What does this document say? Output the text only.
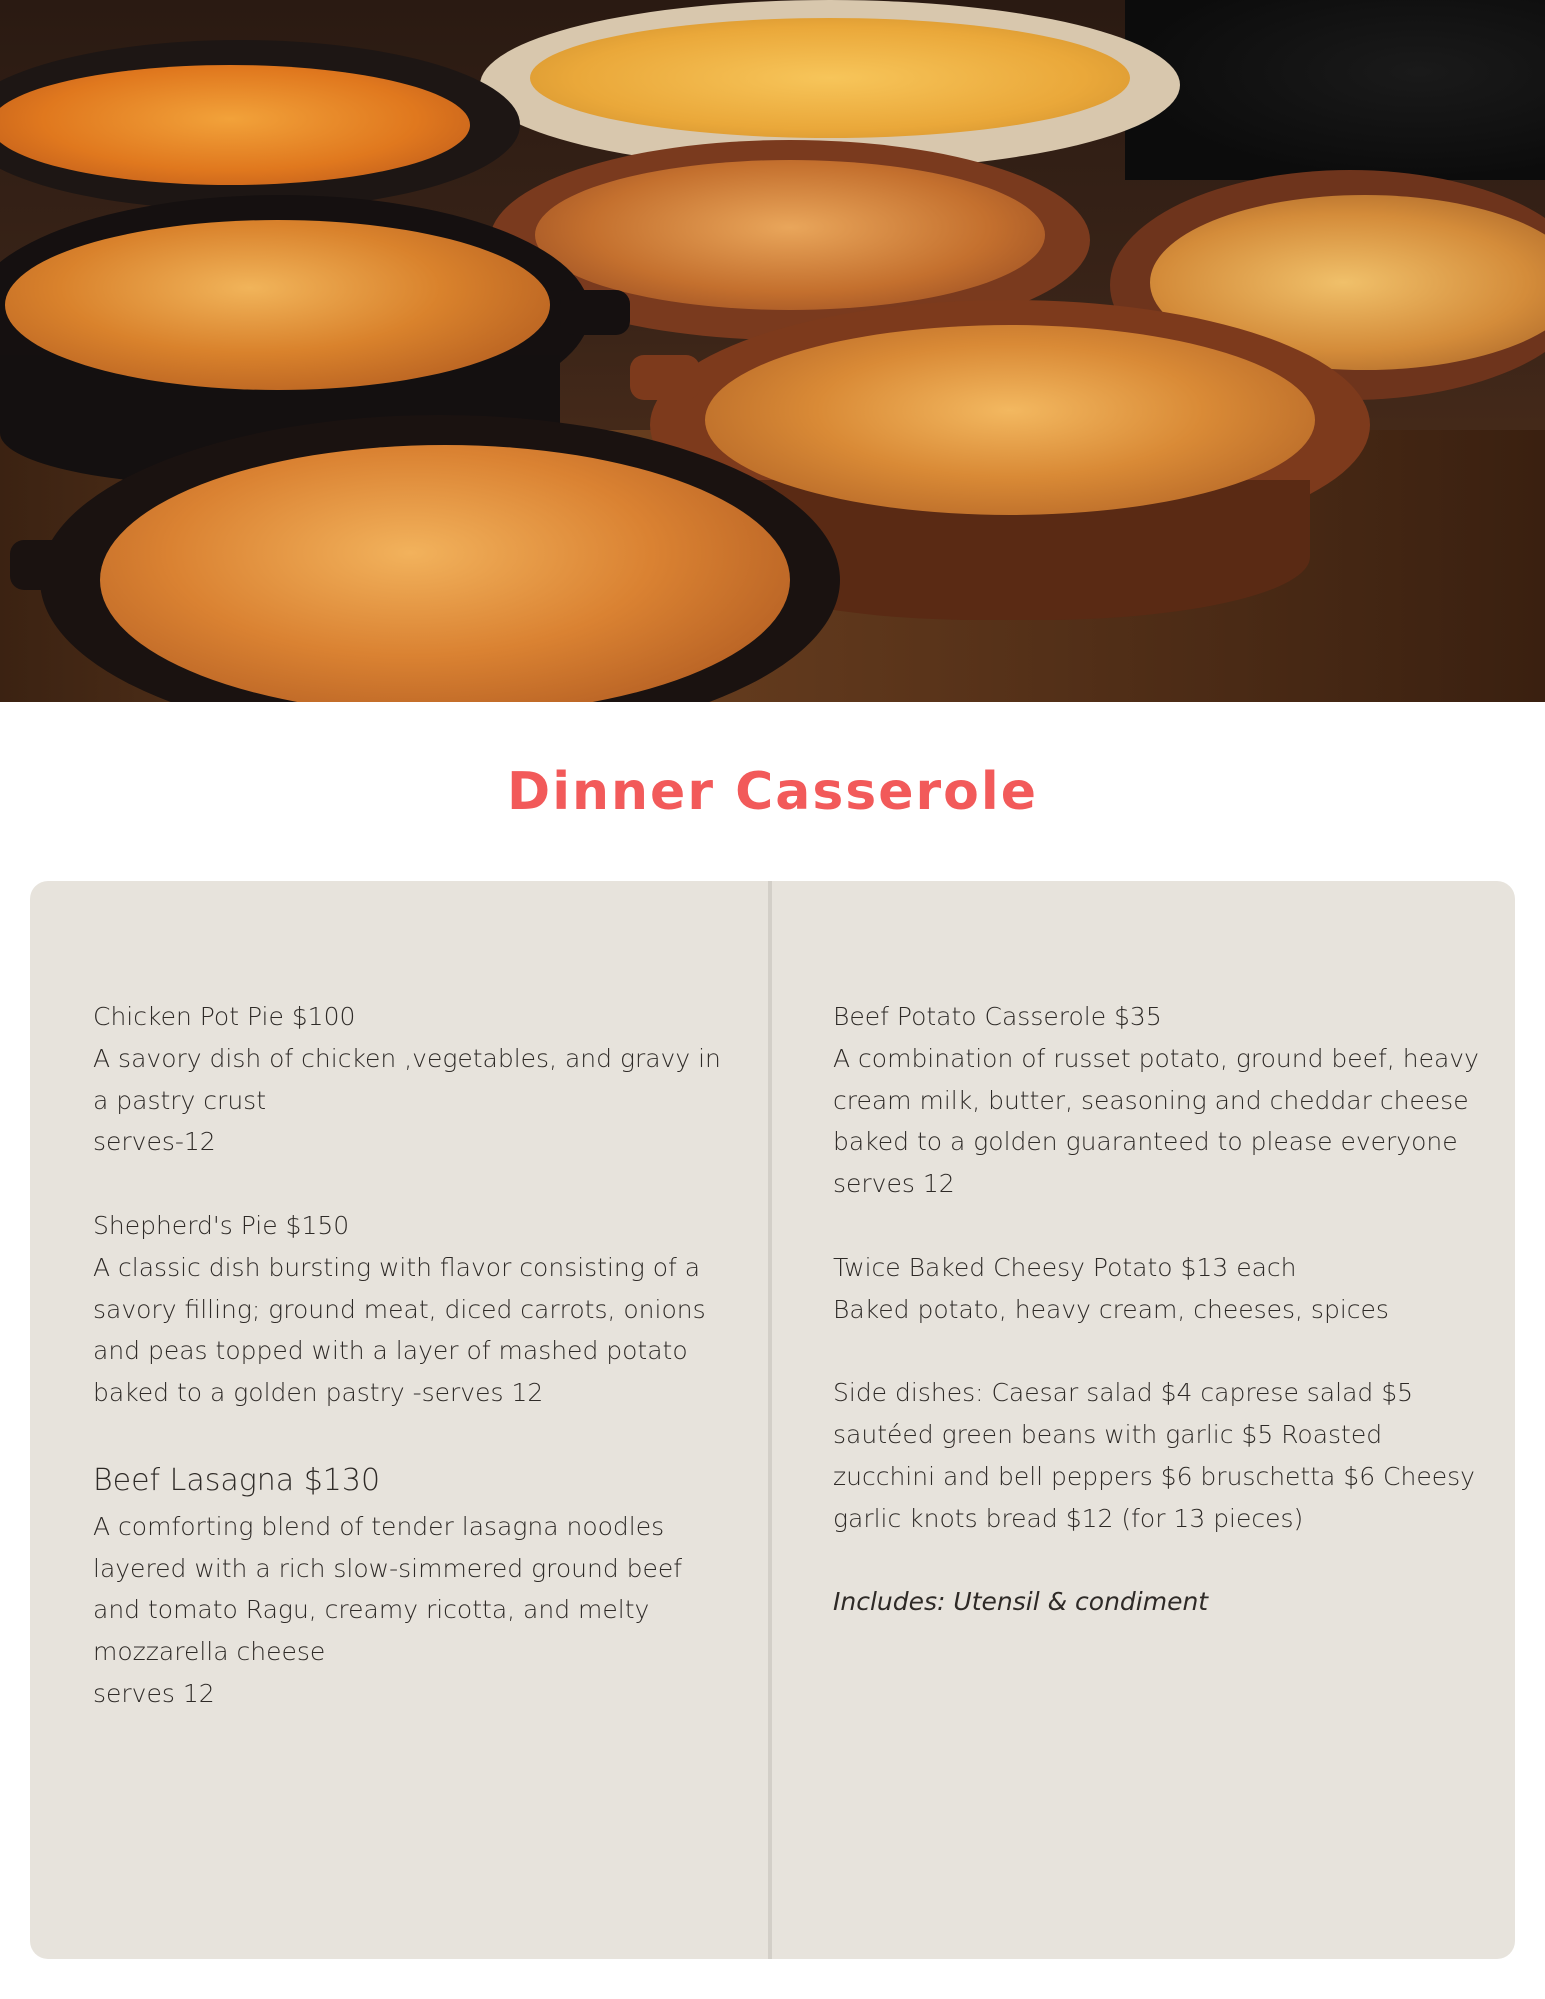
Dinner Casserole

Chicken Pot Pie $100

A savory dish of chicken ,vegetables, and gravy in a pastry crust

serves-12

Shepherd's Pie $150

A classic dish bursting with flavor consisting of a savory filling; ground meat, diced carrots, onions and peas topped with a layer of mashed potato baked to a golden pastry -serves 12

Beef Lasagna $130

A comforting blend of tender lasagna noodles layered with a rich slow-simmered ground beef and tomato Ragu, creamy ricotta, and melty mozzarella cheese

serves 12

Beef Potato Casserole $35

A combination of russet potato, ground beef, heavy cream milk, butter, seasoning and cheddar cheese baked to a golden guaranteed to please everyone

serves 12

Twice Baked Cheesy Potato $13 each

Baked potato, heavy cream, cheeses, spices

Side dishes: Caesar salad $4 caprese salad $5 sautéed green beans with garlic $5 Roasted zucchini and bell peppers $6 bruschetta $6 Cheesy garlic knots bread $12 (for 13 pieces)

Includes: Utensil & condiment
